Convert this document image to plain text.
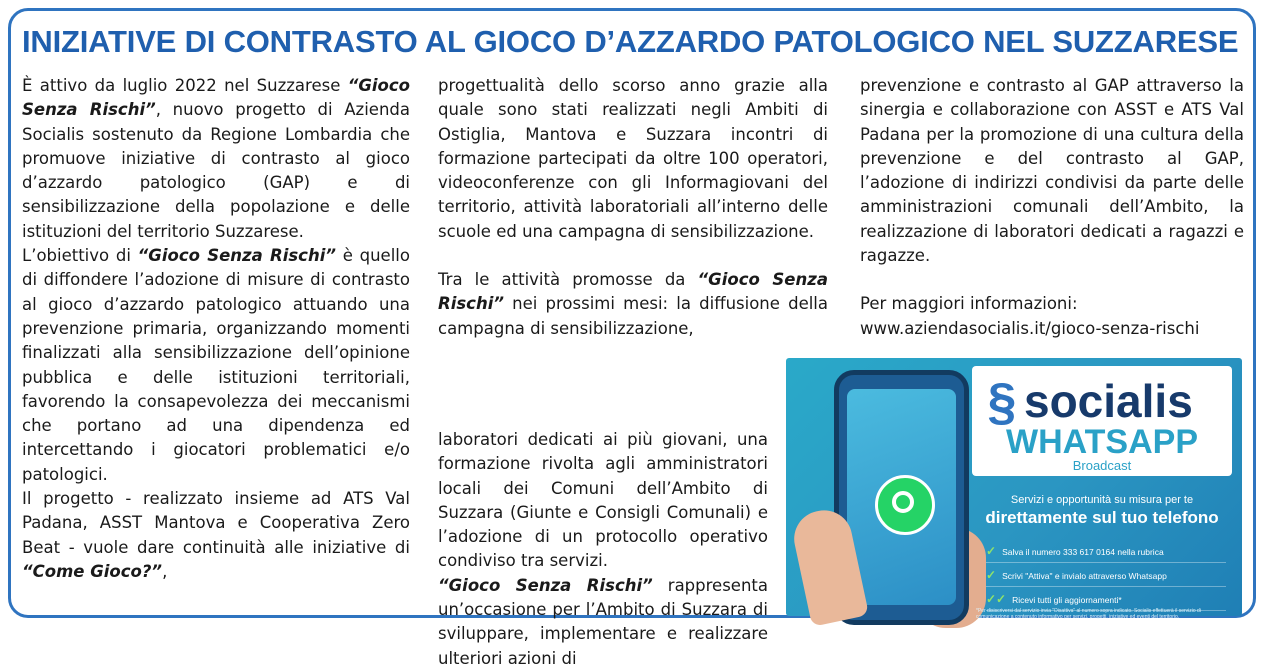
INIZIATIVE DI CONTRASTO AL GIOCO D’AZZARDO PATOLOGICO NEL SUZZARESE

È attivo da luglio 2022 nel Suzzarese “Gioco Senza Rischi”, nuovo progetto di Azienda Socialis sostenuto da Regione Lombardia che promuove iniziative di contrasto al gioco d’azzardo patologico (GAP) e di sensibilizzazione della popolazione e delle istituzioni del territorio Suzzarese.

L’obiettivo di “Gioco Senza Rischi” è quello di diffondere l’adozione di misure di contrasto al gioco d’azzardo patologico attuando una prevenzione primaria, organizzando momenti finalizzati alla sensibilizzazione dell’opinione pubblica e delle istituzioni territoriali, favorendo la consapevolezza dei meccanismi che portano ad una dipendenza ed intercettando i giocatori problematici e/o patologici.

Il progetto - realizzato insieme ad ATS Val Padana, ASST Mantova e Cooperativa Zero Beat - vuole dare continuità alle iniziative di “Come Gioco?”,

progettualità dello scorso anno grazie alla quale sono stati realizzati negli Ambiti di Ostiglia, Mantova e Suzzara incontri di formazione partecipati da oltre 100 operatori, videoconferenze con gli Informagiovani del territorio, attività laboratoriali all’interno delle scuole ed una campagna di sensibilizzazione.

Tra le attività promosse da “Gioco Senza Rischi” nei prossimi mesi: la diffusione della campagna di sensibilizzazione,

laboratori dedicati ai più giovani, una formazione rivolta agli amministratori locali dei Comuni dell’Ambito di Suzzara (Giunte e Consigli Comunali) e l’adozione di un protocollo operativo condiviso tra servizi.

“Gioco Senza Rischi” rappresenta un’occasione per l’Ambito di Suzzara di sviluppare, implementare e realizzare ulteriori azioni di

prevenzione e contrasto al GAP attraverso la sinergia e collaborazione con ASST e ATS Val Padana per la promozione di una cultura della prevenzione e del contrasto al GAP, l’adozione di indirizzi condivisi da parte delle amministrazioni comunali dell’Ambito, la realizzazione di laboratori dedicati a ragazzi e ragazze.

Per maggiori informazioni:

www.aziendasocialis.it/gioco-senza-rischi

§ socialis
WHATSAPP
Broadcast
Servizi e opportunità su misura per te
direttamente sul tuo telefono
✓ Salva il numero 333 617 0164 nella rubrica
✓ Scrivi "Attiva" e invialo attraverso Whatsapp
✓✓ Ricevi tutti gli aggiornamenti*
*Per disiscriversi dal servizio invia "Disattiva" al numero sopra indicato. Socialis effettuerà il servizio di comunicazione a contenuto informativo per servizi, progetti, iniziative ed eventi del territorio.
